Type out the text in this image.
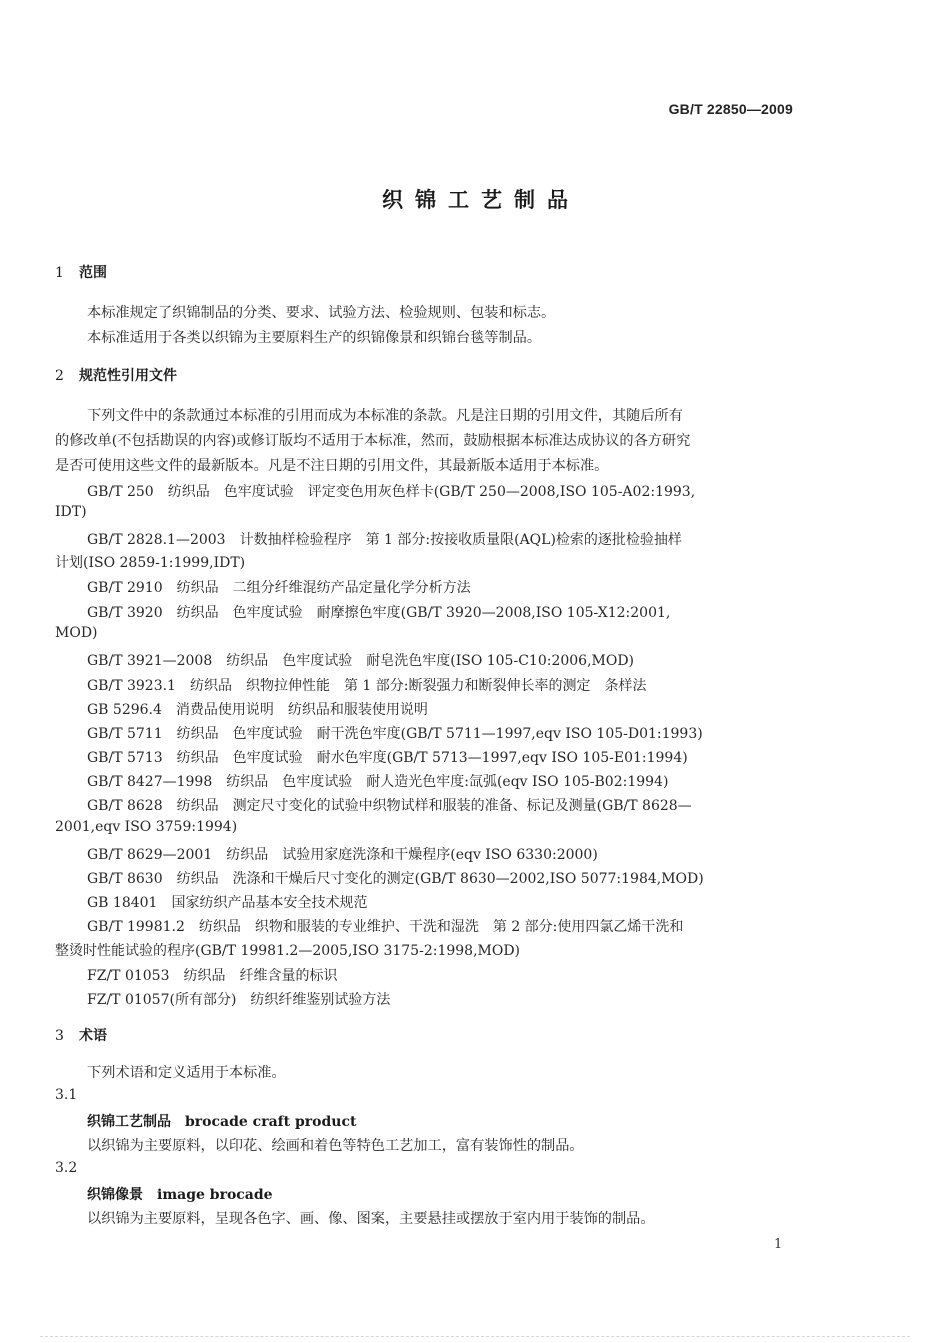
GB/T 22850—2009
织锦工艺制品
1 范围
本标准规定了织锦制品的分类、要求、试验方法、检验规则、包装和标志。
本标准适用于各类以织锦为主要原料生产的织锦像景和织锦台毯等制品。
2 规范性引用文件
下列文件中的条款通过本标准的引用而成为本标准的条款。凡是注日期的引用文件，其随后所有
的修改单(不包括勘误的内容)或修订版均不适用于本标准，然而，鼓励根据本标准达成协议的各方研究
是否可使用这些文件的最新版本。凡是不注日期的引用文件，其最新版本适用于本标准。
GB/T 250　纺织品　色牢度试验　评定变色用灰色样卡(GB/T 250—2008,ISO 105-A02:1993,
IDT)
GB/T 2828.1—2003　计数抽样检验程序　第 1 部分:按接收质量限(AQL)检索的逐批检验抽样
计划(ISO 2859-1:1999,IDT)
GB/T 2910　纺织品　二组分纤维混纺产品定量化学分析方法
GB/T 3920　纺织品　色牢度试验　耐摩擦色牢度(GB/T 3920—2008,ISO 105-X12:2001,
MOD)
GB/T 3921—2008　纺织品　色牢度试验　耐皂洗色牢度(ISO 105-C10:2006,MOD)
GB/T 3923.1　纺织品　织物拉伸性能　第 1 部分:断裂强力和断裂伸长率的测定　条样法
GB 5296.4　消费品使用说明　纺织品和服装使用说明
GB/T 5711　纺织品　色牢度试验　耐干洗色牢度(GB/T 5711—1997,eqv ISO 105-D01:1993)
GB/T 5713　纺织品　色牢度试验　耐水色牢度(GB/T 5713—1997,eqv ISO 105-E01:1994)
GB/T 8427—1998　纺织品　色牢度试验　耐人造光色牢度:氙弧(eqv ISO 105-B02:1994)
GB/T 8628　纺织品　测定尺寸变化的试验中织物试样和服装的准备、标记及测量(GB/T 8628—
2001,eqv ISO 3759:1994)
GB/T 8629—2001　纺织品　试验用家庭洗涤和干燥程序(eqv ISO 6330:2000)
GB/T 8630　纺织品　洗涤和干燥后尺寸变化的测定(GB/T 8630—2002,ISO 5077:1984,MOD)
GB 18401　国家纺织产品基本安全技术规范
GB/T 19981.2　纺织品　织物和服装的专业维护、干洗和湿洗　第 2 部分:使用四氯乙烯干洗和
整烫时性能试验的程序(GB/T 19981.2—2005,ISO 3175-2:1998,MOD)
FZ/T 01053　纺织品　纤维含量的标识
FZ/T 01057(所有部分)　纺织纤维鉴别试验方法
3 术语
下列术语和定义适用于本标准。
3.1
织锦工艺制品 brocade craft product
以织锦为主要原料，以印花、绘画和着色等特色工艺加工，富有装饰性的制品。
3.2
织锦像景 image brocade
以织锦为主要原料，呈现各色字、画、像、图案，主要悬挂或摆放于室内用于装饰的制品。
1
